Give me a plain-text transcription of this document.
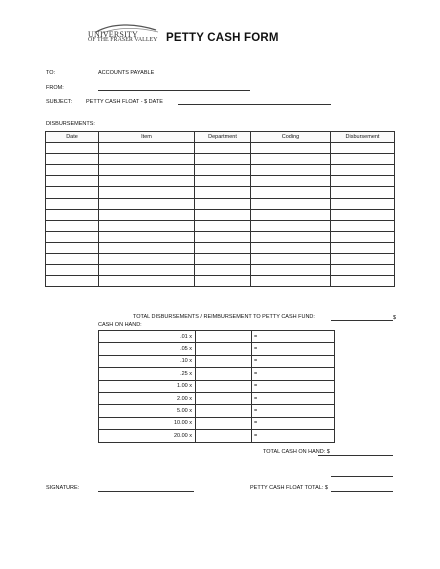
UNIVERSITY
OF THE FRASER VALLEY PETTY CASH FORM
TO:	ACCOUNTS PAYABLE
FROM:
SUBJECT:	PETTY CASH FLOAT - $ DATE
DISBURSEMENTS:
Date	Item	Department	Coding	Disbursement

TOTAL DISBURSEMENTS / REIMBURSEMENT TO PETTY CASH FUND:	$
CASH ON HAND:
.01 x		=
.05 x		=
.10 x		=
.25 x		=
1.00 x		=
2.00 x		=
5.00 x		=
10.00 x		=
20.00 x		=
TOTAL CASH ON HAND: $
SIGNATURE:	PETTY CASH FLOAT TOTAL: $
